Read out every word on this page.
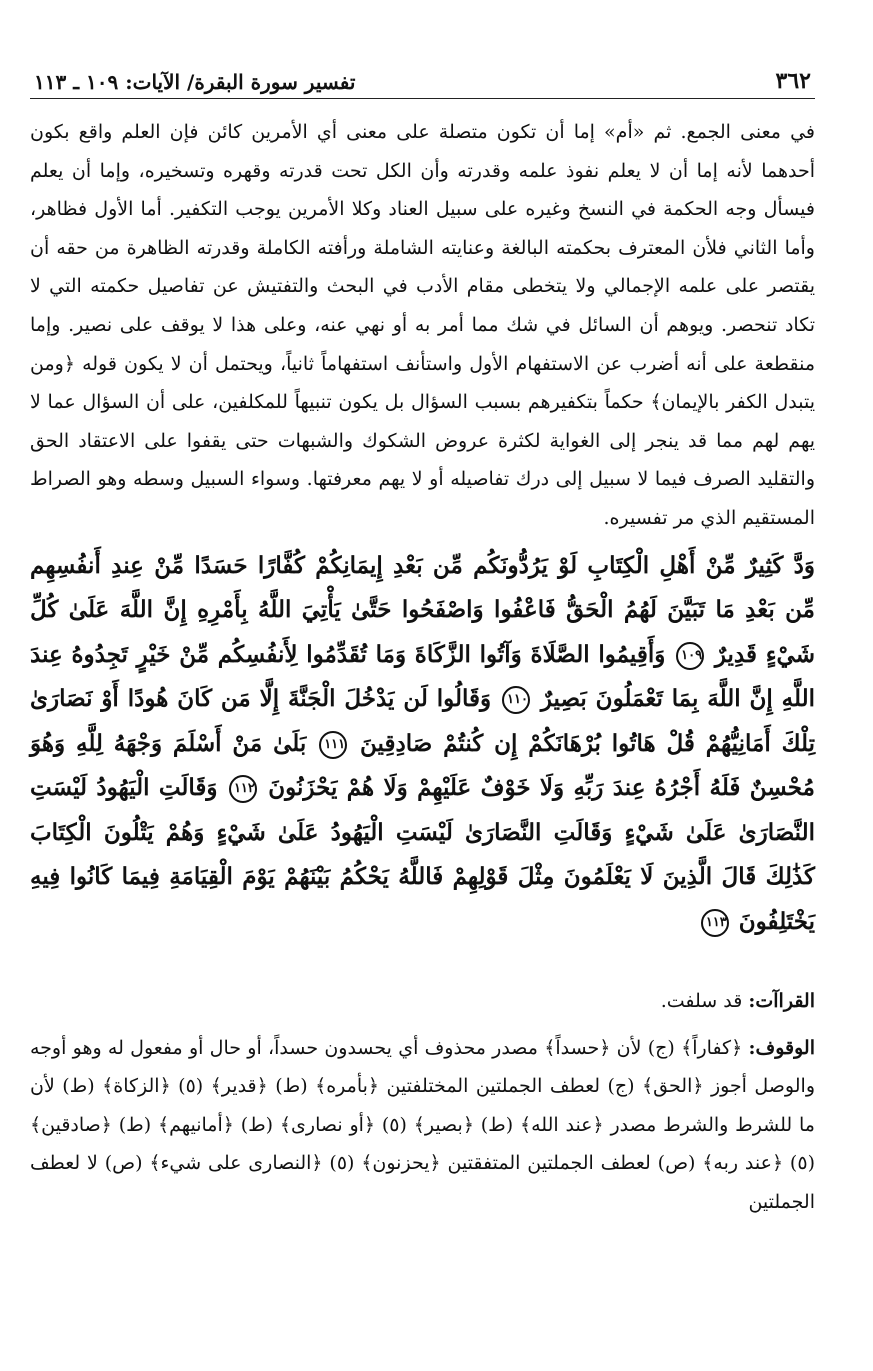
٣٦٢
تفسير سورة البقرة/ الآيات: ١٠٩ ـ ١١٣

في معنى الجمع. ثم «أم» إما أن تكون متصلة على معنى أي الأمرين كائن فإن العلم واقع بكون أحدهما لأنه إما أن لا يعلم نفوذ علمه وقدرته وأن الكل تحت قدرته وقهره وتسخيره، وإما أن يعلم فيسأل وجه الحكمة في النسخ وغيره على سبيل العناد وكلا الأمرين يوجب التكفير. أما الأول فظاهر، وأما الثاني فلأن المعترف بحكمته البالغة وعنايته الشاملة ورأفته الكاملة وقدرته الظاهرة من حقه أن يقتصر على علمه الإجمالي ولا يتخطى مقام الأدب في البحث والتفتيش عن تفاصيل حكمته التي لا تكاد تنحصر. ويوهم أن السائل في شك مما أمر به أو نهي عنه، وعلى هذا لا يوقف على نصير. وإما منقطعة على أنه أضرب عن الاستفهام الأول واستأنف استفهاماً ثانياً، ويحتمل أن لا يكون قوله ﴿ومن يتبدل الكفر بالإيمان﴾ حكماً بتكفيرهم بسبب السؤال بل يكون تنبيهاً للمكلفين، على أن السؤال عما لا يهم لهم مما قد ينجر إلى الغواية لكثرة عروض الشكوك والشبهات حتى يقفوا على الاعتقاد الحق والتقليد الصرف فيما لا سبيل إلى درك تفاصيله أو لا يهم معرفتها. وسواء السبيل وسطه وهو الصراط المستقيم الذي مر تفسيره.

وَدَّ كَثِيرٌ مِّنْ أَهْلِ الْكِتَابِ لَوْ يَرُدُّونَكُم مِّن بَعْدِ إِيمَانِكُمْ كُفَّارًا حَسَدًا مِّنْ عِندِ أَنفُسِهِم مِّن بَعْدِ مَا تَبَيَّنَ لَهُمُ الْحَقُّ فَاعْفُوا وَاصْفَحُوا حَتَّىٰ يَأْتِيَ اللَّهُ بِأَمْرِهِ إِنَّ اللَّهَ عَلَىٰ كُلِّ شَيْءٍ قَدِيرٌ ١٠٩ وَأَقِيمُوا الصَّلَاةَ وَآتُوا الزَّكَاةَ وَمَا تُقَدِّمُوا لِأَنفُسِكُم مِّنْ خَيْرٍ تَجِدُوهُ عِندَ اللَّهِ إِنَّ اللَّهَ بِمَا تَعْمَلُونَ بَصِيرٌ ١١٠ وَقَالُوا لَن يَدْخُلَ الْجَنَّةَ إِلَّا مَن كَانَ هُودًا أَوْ نَصَارَىٰ تِلْكَ أَمَانِيُّهُمْ قُلْ هَاتُوا بُرْهَانَكُمْ إِن كُنتُمْ صَادِقِينَ ١١١ بَلَىٰ مَنْ أَسْلَمَ وَجْهَهُ لِلَّهِ وَهُوَ مُحْسِنٌ فَلَهُ أَجْرُهُ عِندَ رَبِّهِ وَلَا خَوْفٌ عَلَيْهِمْ وَلَا هُمْ يَحْزَنُونَ ١١٢ وَقَالَتِ الْيَهُودُ لَيْسَتِ النَّصَارَىٰ عَلَىٰ شَيْءٍ وَقَالَتِ النَّصَارَىٰ لَيْسَتِ الْيَهُودُ عَلَىٰ شَيْءٍ وَهُمْ يَتْلُونَ الْكِتَابَ كَذَٰلِكَ قَالَ الَّذِينَ لَا يَعْلَمُونَ مِثْلَ قَوْلِهِمْ فَاللَّهُ يَحْكُمُ بَيْنَهُمْ يَوْمَ الْقِيَامَةِ فِيمَا كَانُوا فِيهِ يَخْتَلِفُونَ ١١٣
القراآت: قد سلفت.
الوقوف: ﴿كفاراً﴾ (ج) لأن ﴿حسداً﴾ مصدر محذوف أي يحسدون حسداً، أو حال أو مفعول له وهو أوجه والوصل أجوز ﴿الحق﴾ (ج) لعطف الجملتين المختلفتين ﴿بأمره﴾ (ط) ﴿قدير﴾ (٥) ﴿الزكاة﴾ (ط) لأن ما للشرط والشرط مصدر ﴿عند الله﴾ (ط) ﴿بصير﴾ (٥) ﴿أو نصارى﴾ (ط) ﴿أمانيهم﴾ (ط) ﴿صادقين﴾ (٥) ﴿عند ربه﴾ (ص) لعطف الجملتين المتفقتين ﴿يحزنون﴾ (٥) ﴿النصارى على شيء﴾ (ص) لا لعطف الجملتين
